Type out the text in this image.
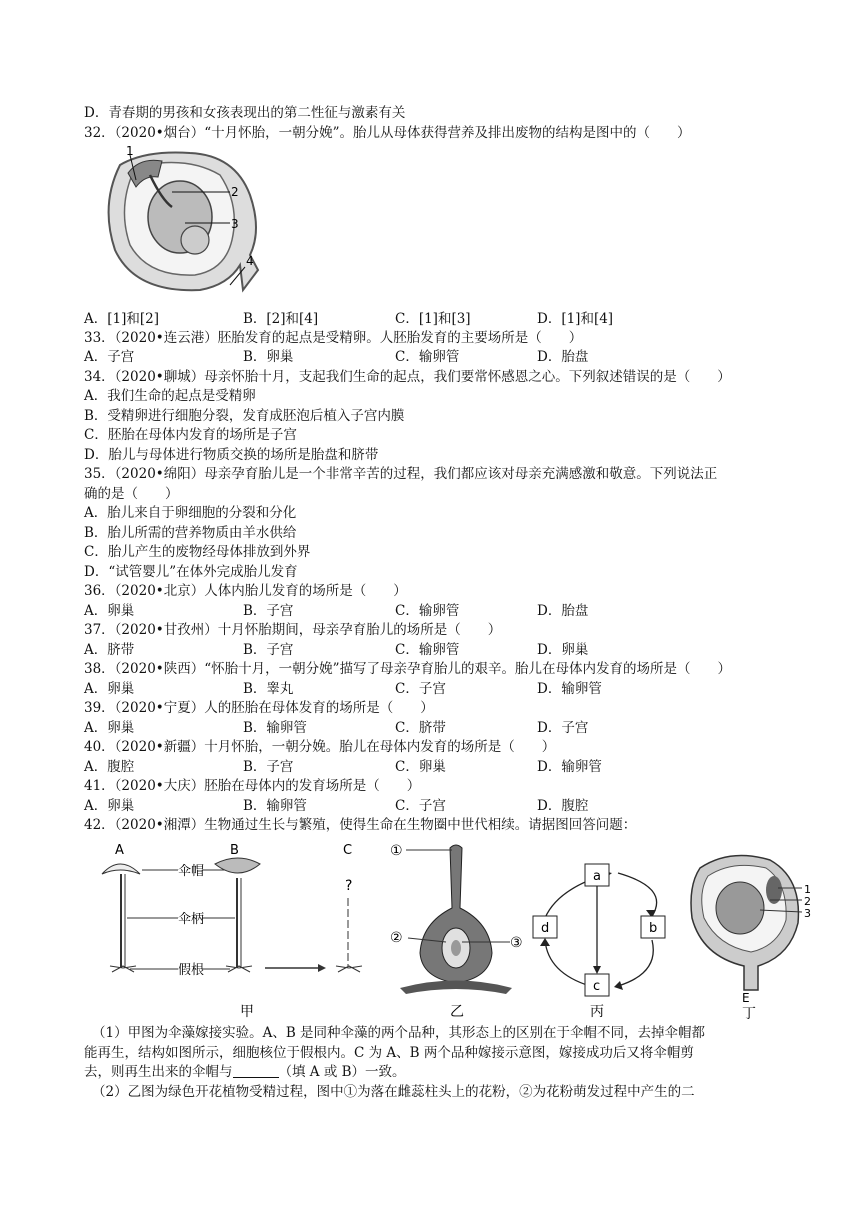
D．青春期的男孩和女孩表现出的第二性征与激素有关
32．（2020•烟台）“十月怀胎，一朝分娩”。胎儿从母体获得营养及排出废物的结构是图中的（　　）
1
2
3
4
A．[1]和[2]	B．[2]和[4]	C．[1]和[3]	D．[1]和[4]
33．（2020•连云港）胚胎发育的起点是受精卵。人胚胎发育的主要场所是（　　）
A．子宫	B．卵巢	C．输卵管	D．胎盘
34．（2020•聊城）母亲怀胎十月，支起我们生命的起点，我们要常怀感恩之心。下列叙述错误的是（　　）
A．我们生命的起点是受精卵
B．受精卵进行细胞分裂，发育成胚泡后植入子宫内膜
C．胚胎在母体内发育的场所是子宫
D．胎儿与母体进行物质交换的场所是胎盘和脐带
35．（2020•绵阳）母亲孕育胎儿是一个非常辛苦的过程，我们都应该对母亲充满感激和敬意。下列说法正
确的是（　　）
A．胎儿来自于卵细胞的分裂和分化
B．胎儿所需的营养物质由羊水供给
C．胎儿产生的废物经母体排放到外界
D．“试管婴儿”在体外完成胎儿发育
36．（2020•北京）人体内胎儿发育的场所是（　　）
A．卵巢	B．子宫	C．输卵管	D．胎盘
37．（2020•甘孜州）十月怀胎期间，母亲孕育胎儿的场所是（　　）
A．脐带	B．子宫	C．输卵管	D．卵巢
38．（2020•陕西）“怀胎十月，一朝分娩”描写了母亲孕育胎儿的艰辛。胎儿在母体内发育的场所是（　　）
A．卵巢	B．睾丸	C．子宫	D．输卵管
39．（2020•宁夏）人的胚胎在母体发育的场所是（　　）
A．卵巢	B．输卵管	C．脐带	D．子宫
40．（2020•新疆）十月怀胎，一朝分娩。胎儿在母体内发育的场所是（　　）
A．腹腔	B．子宫	C．卵巢	D．输卵管
41．（2020•大庆）胚胎在母体内的发育场所是（　　）
A．卵巢	B．输卵管	C．子宫	D．腹腔
42．（2020•湘潭）生物通过生长与繁殖，使得生命在生物圈中世代相续。请据图回答问题：
A	B	C
伞帽
伞柄
假根
?
甲
①
②	③
乙
a
b
c
d
丙
1
2
3
E
丁
（1）甲图为伞藻嫁接实验。A、B 是同种伞藻的两个品种，其形态上的区别在于伞帽不同，去掉伞帽都
能再生，结构如图所示，细胞核位于假根内。C 为 A、B 两个品种嫁接示意图，嫁接成功后又将伞帽剪
去，则再生出来的伞帽与	（填 A 或 B）一致。
（2）乙图为绿色开花植物受精过程，图中①为落在雌蕊柱头上的花粉，②为花粉萌发过程中产生的二
